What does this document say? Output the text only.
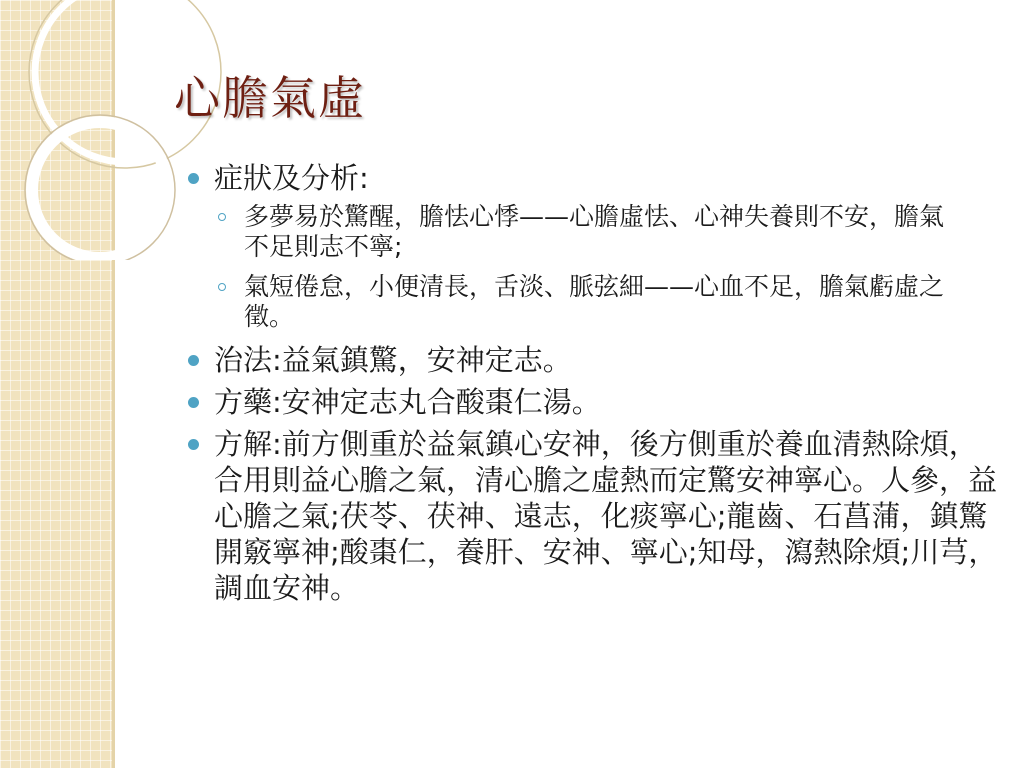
心膽氣虛
症狀及分析:
多夢易於驚醒，膽怯心悸——心膽虛怯、心神失養則不安，膽氣不足則志不寧;
氣短倦怠，小便清長，舌淡、脈弦細——心血不足，膽氣虧虛之徵。
治法:益氣鎮驚，安神定志。
方藥:安神定志丸合酸棗仁湯。
方解:前方側重於益氣鎮心安神，後方側重於養血清熱除煩，合用則益心膽之氣，清心膽之虛熱而定驚安神寧心。人參，益心膽之氣;茯苓、茯神、遠志，化痰寧心;龍齒、石菖蒲，鎮驚開竅寧神;酸棗仁，養肝、安神、寧心;知母，瀉熱除煩;川芎，調血安神。
